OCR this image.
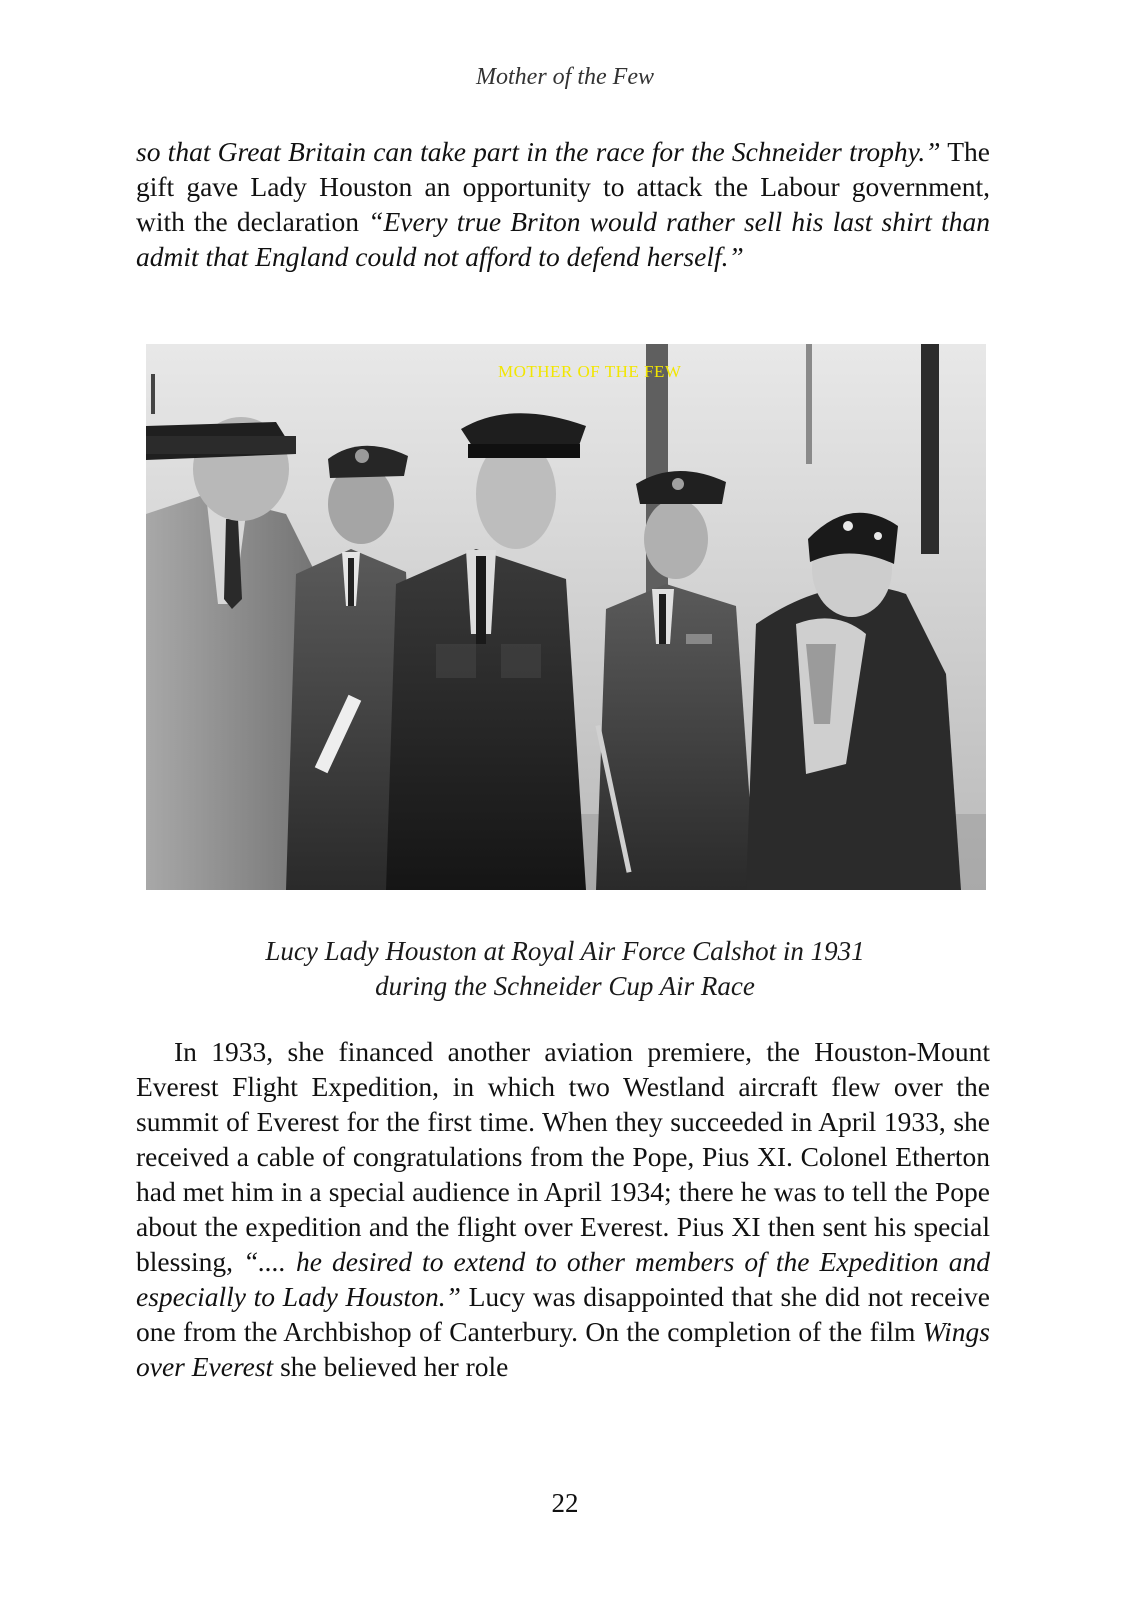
Mother of the Few

so that Great Britain can take part in the race for the Schneider trophy.” The gift gave Lady Houston an opportunity to attack the Labour government, with the declaration “Every true Briton would rather sell his last shirt than admit that England could not afford to defend herself.”

MOTHER OF THE FEW
Lucy Lady Houston at Royal Air Force Calshot in 1931
during the Schneider Cup Air Race

In 1933, she financed another aviation premiere, the Houston-Mount Everest Flight Expedition, in which two Westland aircraft flew over the summit of Everest for the first time. When they succeeded in April 1933, she received a cable of congratulations from the Pope, Pius XI. Colonel Etherton had met him in a special audience in April 1934; there he was to tell the Pope about the expedition and the flight over Everest. Pius XI then sent his special blessing, “.... he desired to extend to other members of the Expedition and especially to Lady Houston.” Lucy was disappointed that she did not receive one from the Archbishop of Canterbury. On the completion of the film Wings over Everest she believed her role

22
